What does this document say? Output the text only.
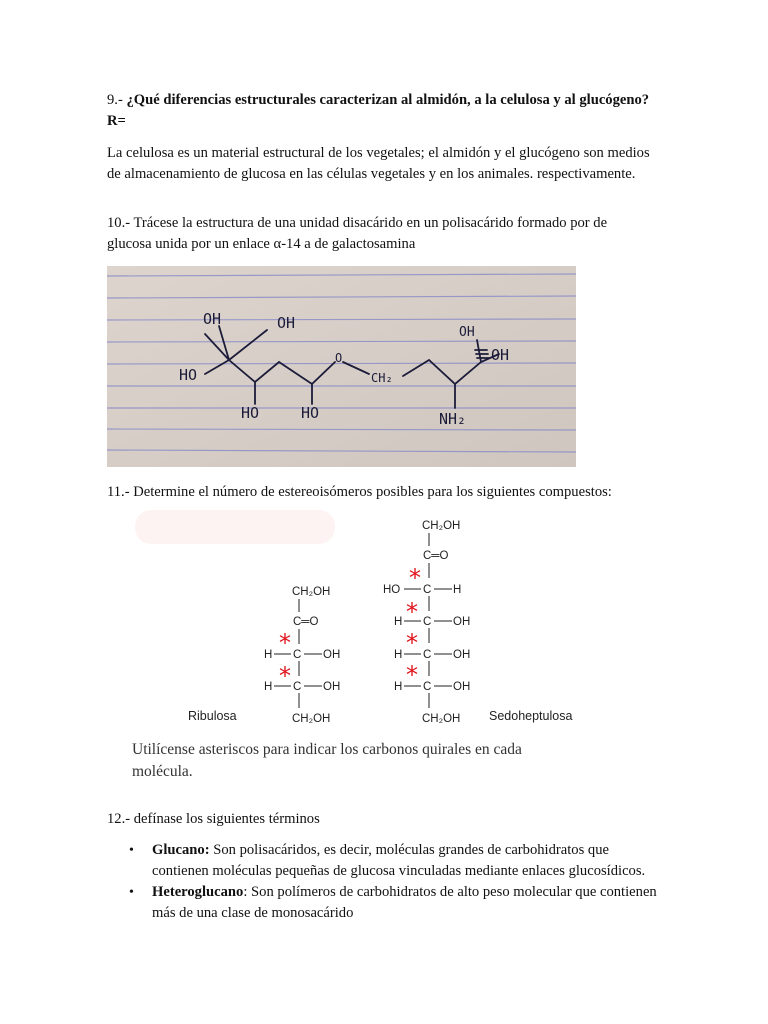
9.- ¿Qué diferencias estructurales caracterizan al almidón, a la celulosa y al glucógeno? R=

La celulosa es un material estructural de los vegetales; el almidón y el glucógeno son medios de almacenamiento de glucosa en las células vegetales y en los animales. respectivamente.

10.- Trácese la estructura de una unidad disacárido en un polisacárido formado por de glucosa unida por un enlace α-14 a de galactosamina

OH	OH
HO
HO	HO
O
CH₂
OH
OH
NH₂

11.- Determine el número de estereoisómeros posibles para los siguientes compuestos:

CH₂OH
C═O
H C OH
H C OH
CH₂OH
Ribulosa
CH₂OH
C═O
HO C H
H C OH
H C OH
H C OH
CH₂OH Sedoheptulosa
*
*
*
*
*
*
Utilícense asteriscos para indicar los carbonos quirales en cada
molécula.

12.- defínase los siguientes términos

• Glucano: Son polisacáridos, es decir, moléculas grandes de carbohidratos que contienen moléculas pequeñas de glucosa vinculadas mediante enlaces glucosídicos.
• Heteroglucano: Son polímeros de carbohidratos de alto peso molecular que contienen más de una clase de monosacárido
